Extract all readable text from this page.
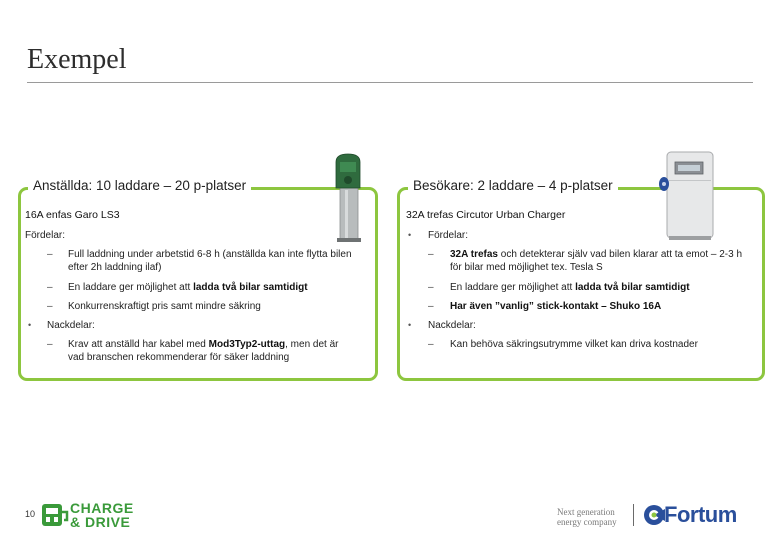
Exempel
Anställda: 10 laddare – 20 p-platser
16A enfas Garo LS3
Fördelar:
– Full laddning under arbetstid 6-8 h (anställda kan inte flytta bilen
efter 2h laddning ilaf)
– En laddare ger möjlighet att ladda två bilar samtidigt
– Konkurrenskraftigt pris samt mindre säkring
• Nackdelar:
– Krav att anställd har kabel med Mod3Typ2-uttag, men det är
vad branschen rekommenderar för säker laddning
Besökare: 2 laddare – 4 p-platser
32A trefas Circutor Urban Charger
• Fördelar:
– 32A trefas och detekterar själv vad bilen klarar att ta emot – 2-3 h
för bilar med möjlighet tex. Tesla S
– En laddare ger möjlighet att ladda två bilar samtidigt
– Har även ”vanlig” stick-kontakt – Shuko 16A
• Nackdelar:
– Kan behöva säkringsutrymme vilket kan driva kostnader
10 CHARGE
& DRIVE
Next generation
energy company Fortum
